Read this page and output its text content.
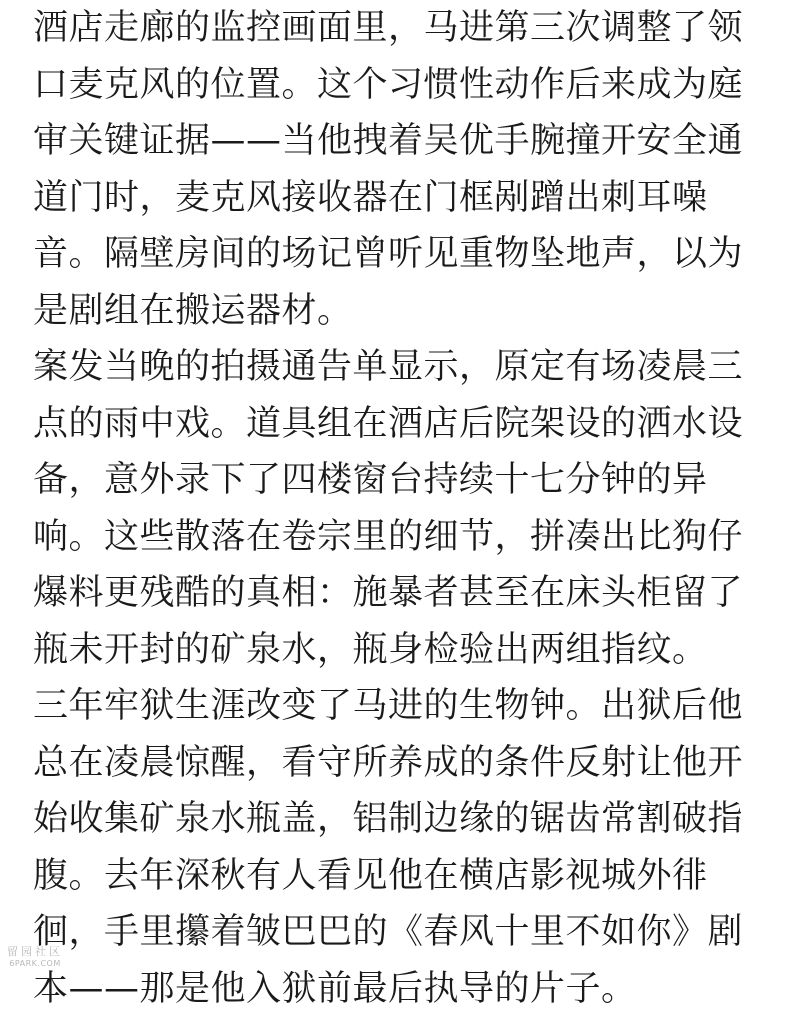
酒店走廊的监控画面里，马进第三次调整了领
口麦克风的位置。这个习惯性动作后来成为庭
审关键证据——当他拽着吴优手腕撞开安全通
道门时，麦克风接收器在门框剐蹭出刺耳噪
音。隔壁房间的场记曾听见重物坠地声，以为
是剧组在搬运器材。
案发当晚的拍摄通告单显示，原定有场凌晨三
点的雨中戏。道具组在酒店后院架设的洒水设
备，意外录下了四楼窗台持续十七分钟的异
响。这些散落在卷宗里的细节，拼凑出比狗仔
爆料更残酷的真相：施暴者甚至在床头柜留了
瓶未开封的矿泉水，瓶身检验出两组指纹。
三年牢狱生涯改变了马进的生物钟。出狱后他
总在凌晨惊醒，看守所养成的条件反射让他开
始收集矿泉水瓶盖，铝制边缘的锯齿常割破指
腹。去年深秋有人看见他在横店影视城外徘
徊，手里攥着皱巴巴的《春风十里不如你》剧
本——那是他入狱前最后执导的片子。
留园社区
6PARK.COM
